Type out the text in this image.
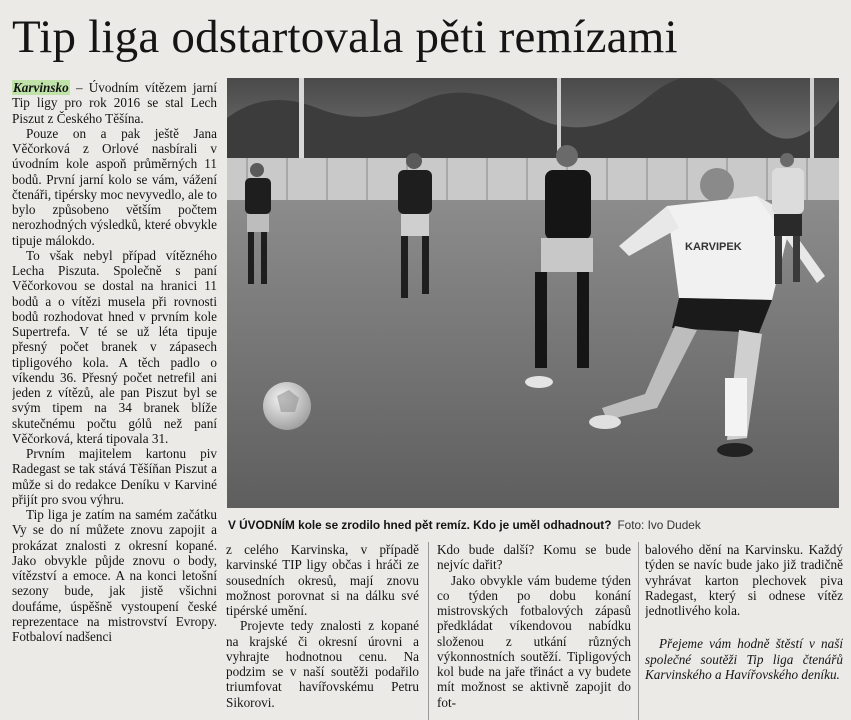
Tip liga odstartovala pěti remízami

Karvinsko – Úvodním vítězem jarní Tip ligy pro rok 2016 se stal Lech Piszut z Českého Těšína.

Pouze on a pak ještě Jana Věčorková z Orlové nasbírali v úvodním kole aspoň průměrných 11 bodů. První jarní kolo se vám, vážení čtenáři, tipérsky moc nevyvedlo, ale to bylo způsobeno větším počtem nerozhodných výsledků, které obvykle tipuje málokdo.

To však nebyl případ vítězného Lecha Piszuta. Společně s paní Věčorkovou se dostal na hranici 11 bodů a o vítězi musela při rovnosti bodů rozhodovat hned v prvním kole Supertrefa. V té se už léta tipuje přesný počet branek v zápasech tipligového kola. A těch padlo o víkendu 36. Přesný počet netrefil ani jeden z vítězů, ale pan Piszut byl se svým tipem na 34 branek blíže skutečnému počtu gólů než paní Věčorková, která tipovala 31.

Prvním majitelem kartonu piv Radegast se tak stává Těšíňan Piszut a může si do redakce Deníku v Karviné přijít pro svou výhru.

Tip liga je zatím na samém začátku Vy se do ní můžete znovu zapojit a prokázat znalosti z okresní kopané. Jako obvykle půjde znovu o body, vítězství a emoce. A na konci letošní sezony bude, jak jistě všichni doufáme, úspěšně vystoupení české reprezentace na mistrovství Evropy. Fotbaloví nadšenci

KARVIPEK
V ÚVODNÍM kole se zrodilo hned pět remíz. Kdo je uměl odhadnout? Foto: Ivo Dudek

z celého Karvinska, v případě karvinské TIP ligy občas i hráči ze sousedních okresů, mají znovu možnost porovnat si na dálku své tipérské umění.

Projevte tedy znalosti z kopané na krajské či okresní úrovni a vyhrajte hodnotnou cenu. Na podzim se v naší soutěži podařilo triumfovat havířovskému Petru Sikorovi.

Kdo bude další? Komu se bude nejvíc dařit?

Jako obvykle vám budeme týden co týden po dobu konání mistrovských fotbalových zápasů předkládat víkendovou nabídku složenou z utkání různých výkonnostních soutěží. Tipligových kol bude na jaře třináct a vy budete mít možnost se aktivně zapojit do fot-

balového dění na Karvinsku. Každý týden se navíc bude jako již tradičně vyhrávat karton plechovek piva Radegast, který si odnese vítěz jednotlivého kola.

Přejeme vám hodně štěstí v naší společné soutěži Tip liga čtenářů Karvinského a Havířovského deníku.
